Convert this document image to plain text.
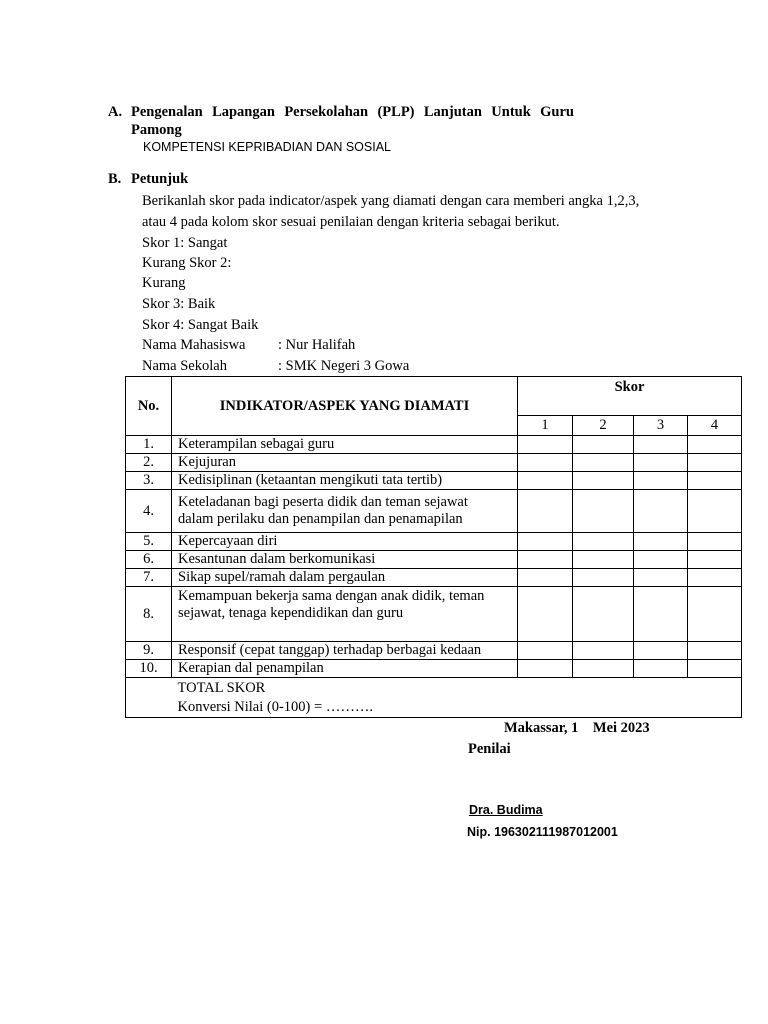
A. Pengenalan Lapangan Persekolahan (PLP) Lanjutan Untuk Guru
Pamong
KOMPETENSI KEPRIBADIAN DAN SOSIAL
B. Petunjuk
Berikanlah skor pada indicator/aspek yang diamati dengan cara memberi angka 1,2,3,
atau 4 pada kolom skor sesuai penilaian dengan kriteria sebagai berikut.
Skor 1: Sangat
Kurang Skor 2:
Kurang
Skor 3: Baik
Skor 4: Sangat Baik
Nama Mahasiswa : Nur Halifah
Nama Sekolah	: SMK Negeri 3 Gowa
No.	INDIKATOR/ASPEK YANG DIAMATI	Skor			
		1	2	3	4
1.	Keterampilan sebagai guru				
2.	Kejujuran				
3.	Kedisiplinan (ketaantan mengikuti tata tertib)				
4.	Keteladanan bagi peserta didik dan teman sejawat
dalam perilaku dan penampilan dan penamapilan				

5.	Kepercayaan diri				
6.	Kesantunan dalam berkomunikasi				
7.	Sikap supel/ramah dalam pergaulan				
8.	Kemampuan bekerja sama dengan anak didik, teman
sejawat, tenaga kependidikan dan guru				

9.	Responsif (cepat tanggap) terhadap berbagai kedaan				
10.	Kerapian dal penampilan				
	TOTAL SKOR				
	Konversi Nilai (0-100) = ……….				
Makassar, 1    Mei 2023
Penilai
Dra. Budima
Nip. 196302111987012001
